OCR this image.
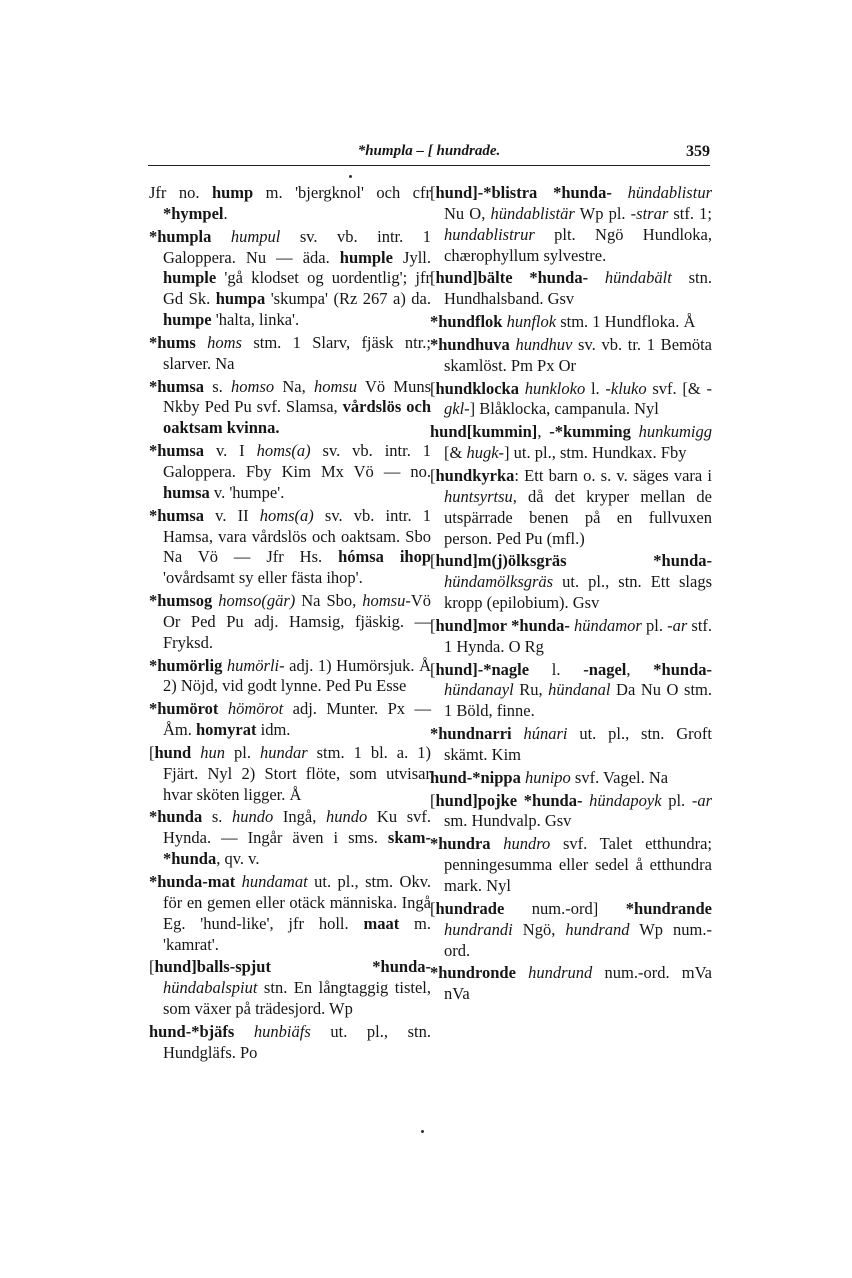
*humpla – [ hundrade.	359

Jfr no. hump m. 'bjergknol' och cfr *hympel.

*humpla humpul sv. vb. intr. 1 Galoppera. Nu — äda. humple Jyll. humple 'gå klodset og uordentlig'; jfr Gd Sk. humpa 'skumpa' (Rz 267 a) da. humpe 'halta, linka'.

*hums homs stm. 1 Slarv, fjäsk ntr.; slarver. Na

*humsa s. homso Na, homsu Vö Muns Nkby Ped Pu svf. Slamsa, vårdslös och oaktsam kvinna.

*humsa v. I homs(a) sv. vb. intr. 1 Galoppera. Fby Kim Mx Vö — no. humsa v. 'humpe'.

*humsa v. II homs(a) sv. vb. intr. 1 Hamsa, vara vårdslös och oaktsam. Sbo Na Vö — Jfr Hs. hómsa ihop 'ovårdsamt sy eller fästa ihop'.

*humsog homso(gär) Na Sbo, homsu-Vö Or Ped Pu adj. Hamsig, fjäskig. — Fryksd.

*humörlig humörli- adj. 1) Humörsjuk. Å 2) Nöjd, vid godt lynne. Ped Pu Esse

*humörot hömörot adj. Munter. Px — Åm. homyrat idm.

[hund hun pl. hundar stm. 1 bl. a. 1) Fjärt. Nyl 2) Stort flöte, som utvisar hvar sköten ligger. Å

*hunda s. hundo Ingå, hundo Ku svf. Hynda. — Ingår även i sms. skam-*hunda, qv. v.

*hunda-mat hundamat ut. pl., stm. Okv. för en gemen eller otäck människa. Ingå Eg. 'hund-like', jfr holl. maat m. 'kamrat'.

[hund]balls-spjut	*hunda- hündabalspiut stn. En långtaggig tistel, som växer på trädesjord. Wp

hund-*bjäfs hunbiäfs ut. pl., stn. Hundgläfs. Po

[hund]-*blistra *hunda- hündablistur Nu O, hündablistär Wp pl. -strar stf. 1; hundablistrur plt. Ngö Hundloka, chærophyllum sylvestre.

[hund]bälte *hunda- hündabält stn. Hundhalsband. Gsv

*hundflok hunflok stm. 1 Hundfloka. Å

*hundhuva hundhuv sv. vb. tr. 1 Bemöta skamlöst. Pm Px Or

[hundklocka hunkloko l. -kluko svf. [& -gkl-] Blåklocka, campanula. Nyl

hund[kummin], -*kumming hunkumigg [& hugk-] ut. pl., stm. Hundkax. Fby

[hundkyrka: Ett barn o. s. v. säges vara i huntsyrtsu, då det kryper mellan de utspärrade benen på en fullvuxen person. Ped Pu (mfl.)

[hund]m(j)ölksgräs	*hunda- hündamölksgräs ut. pl., stn. Ett slags kropp (epilobium). Gsv

[hund]mor *hunda- hündamor pl. -ar stf. 1 Hynda. O Rg

[hund]-*nagle l. -nagel, *hunda- hündanayl Ru, hündanal Da Nu O stm. 1 Böld, finne.

*hundnarri húnari ut. pl., stn. Groft skämt. Kim

hund-*nippa hunipo svf. Vagel. Na

[hund]pojke *hunda- hündapoyk pl. -ar sm. Hundvalp. Gsv

*hundra hundro svf. Talet etthundra; penningesumma eller sedel å etthundra mark. Nyl

[hundrade num.-ord] *hundrande hundrandi Ngö, hundrand Wp num.-ord.

*hundronde hundrund num.-ord. mVa nVa
